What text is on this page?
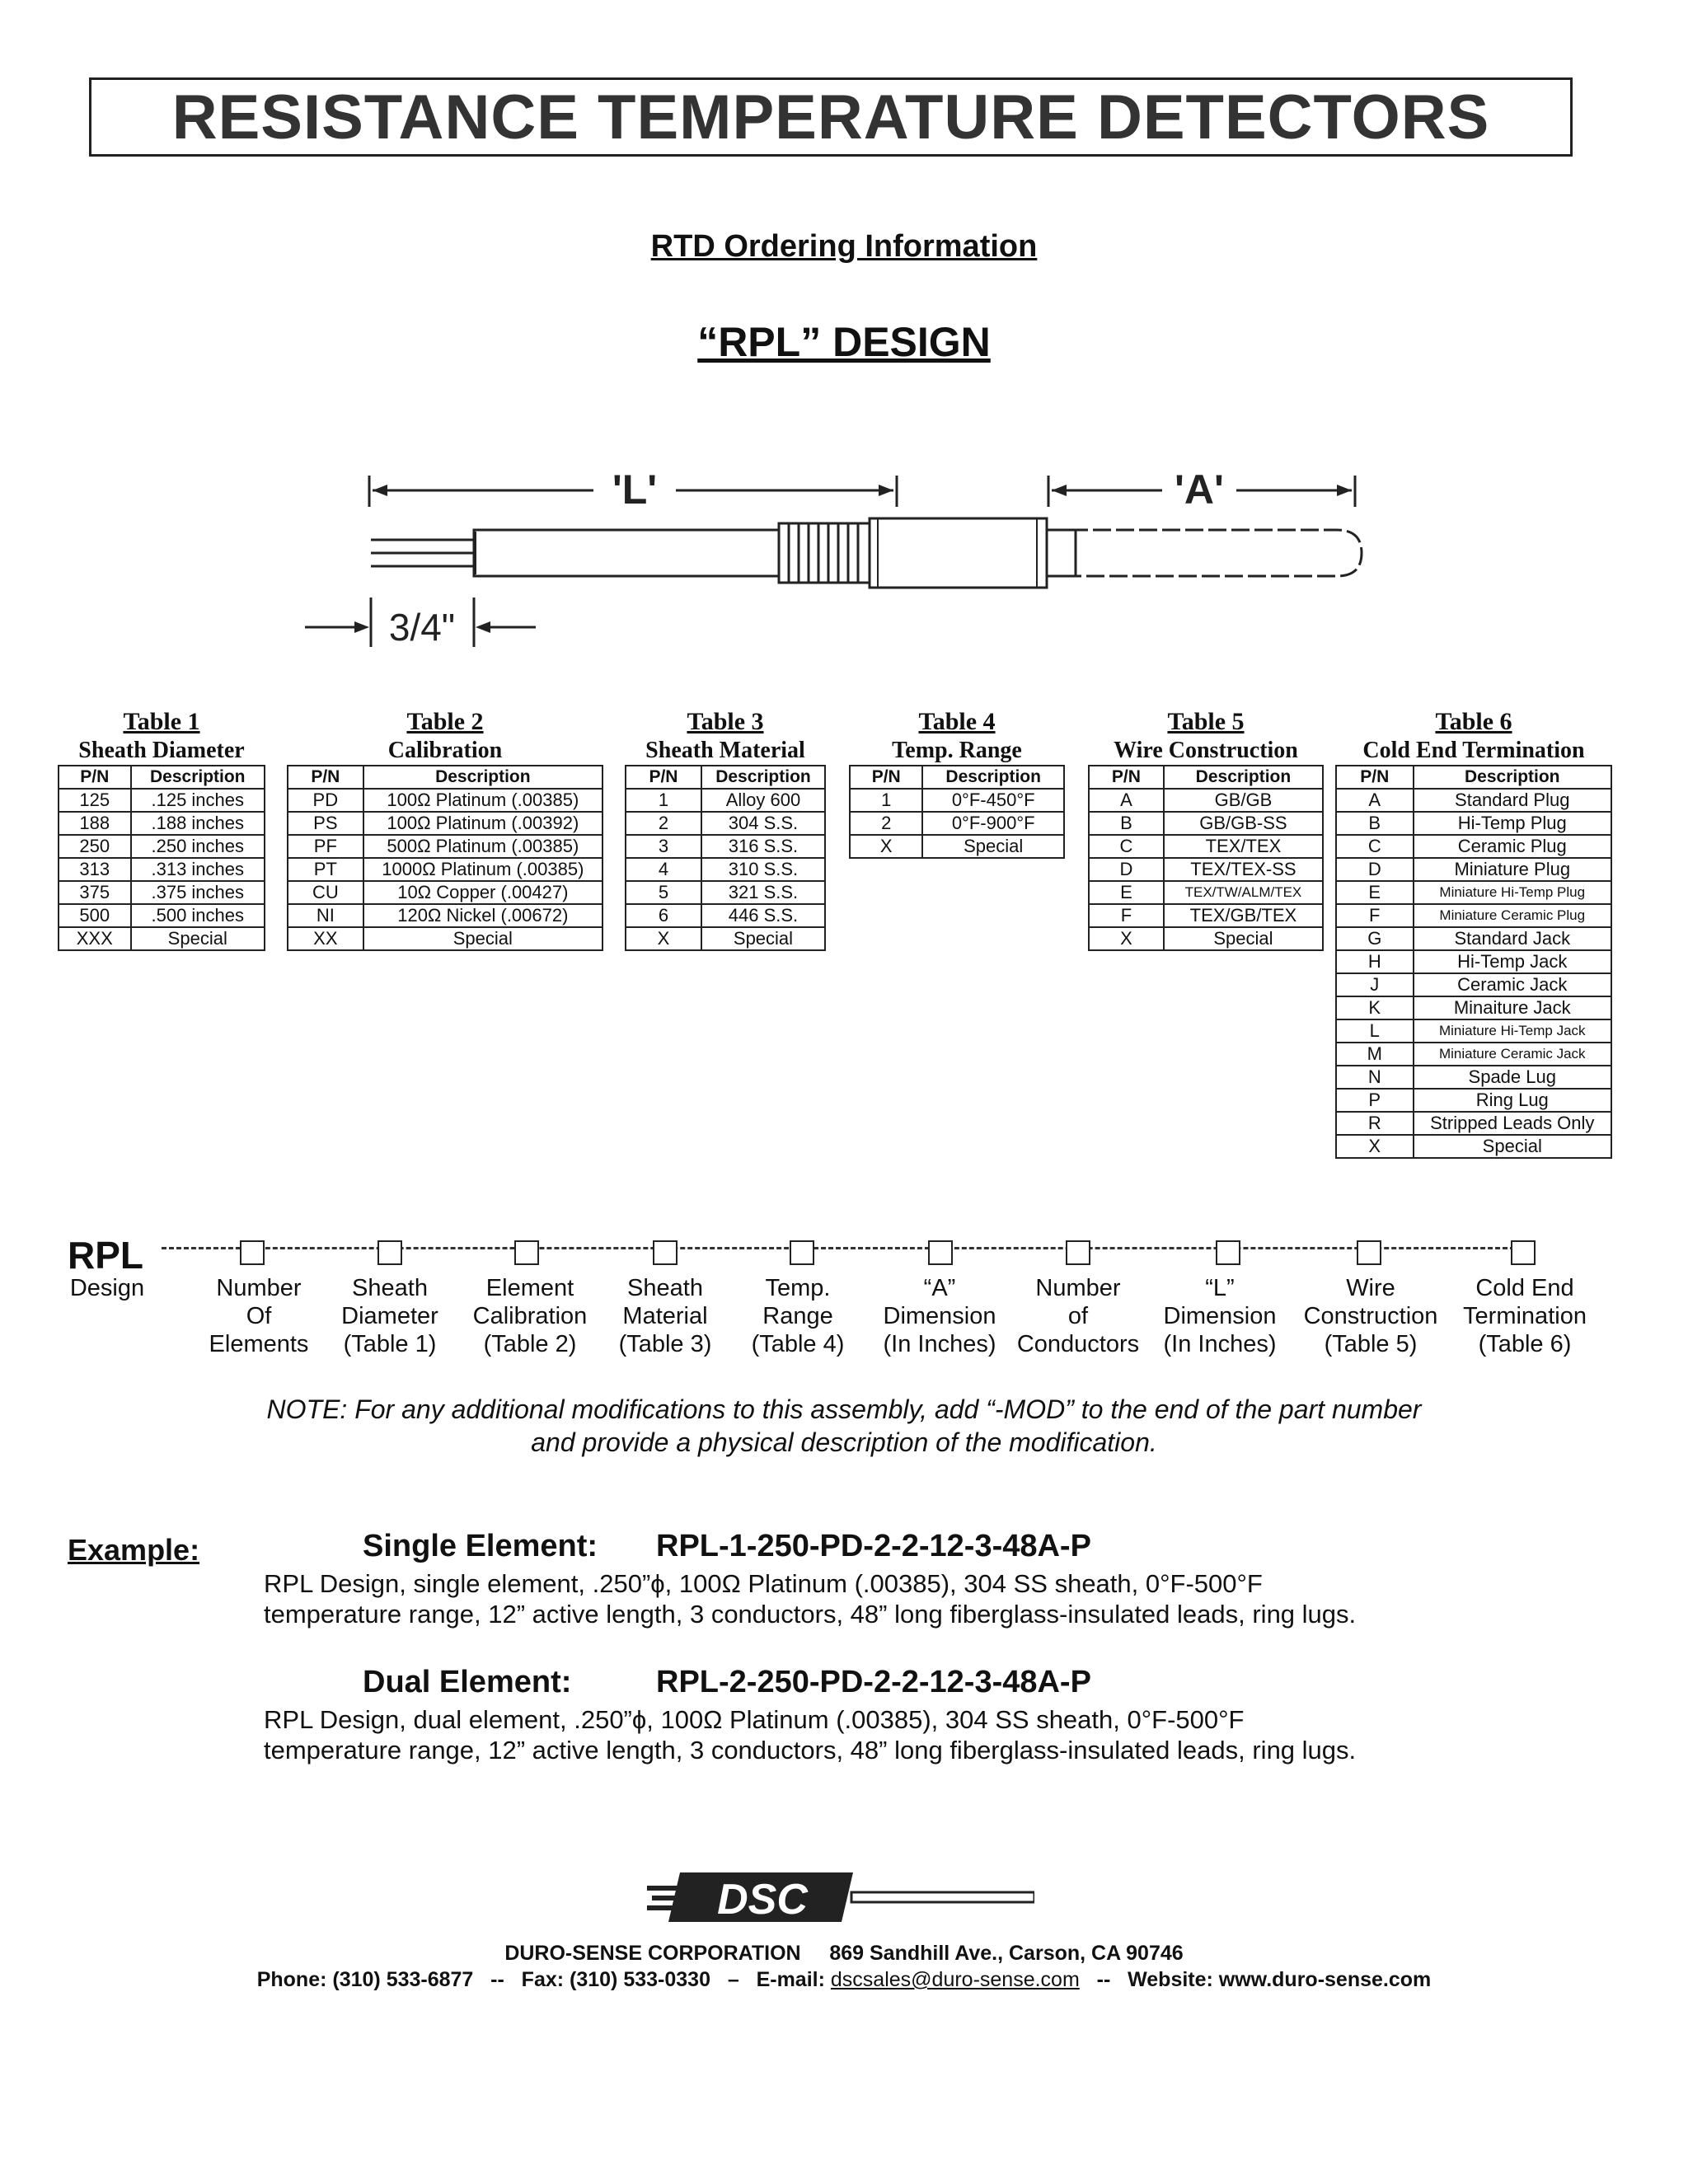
RESISTANCE TEMPERATURE DETECTORS
RTD Ordering Information
“RPL” DESIGN
'L'	'A'
3/4"
Table 1
Sheath Diameter
P/N	Description
125	.125 inches
188	.188 inches
250	.250 inches
313	.313 inches
375	.375 inches
500	.500 inches
XXX	Special
Table 2
Calibration
P/N	Description
PD	100Ω Platinum (.00385)
PS	100Ω Platinum (.00392)
PF	500Ω Platinum (.00385)
PT	1000Ω Platinum (.00385)
CU	10Ω Copper (.00427)
NI	120Ω Nickel (.00672)
XX	Special
Table 3
Sheath Material
P/N	Description
1	Alloy 600
2	304 S.S.
3	316 S.S.
4	310 S.S.
5	321 S.S.
6	446 S.S.
X	Special
Table 4
Temp. Range
P/N	Description
1	0°F-450°F
2	0°F-900°F
X	Special
Table 5
Wire Construction
P/N	Description
A	GB/GB
B	GB/GB-SS
C	TEX/TEX
D	TEX/TEX-SS
E	TEX/TW/ALM/TEX
F	TEX/GB/TEX
X	Special
Table 6
Cold End Termination
P/N	Description
A	Standard Plug
B	Hi-Temp Plug
C	Ceramic Plug
D	Miniature Plug
E	Miniature Hi-Temp Plug
F	Miniature Ceramic Plug
G	Standard Jack
H	Hi-Temp Jack
J	Ceramic Jack
K	Minaiture Jack
L	Miniature Hi-Temp Jack
M	Miniature Ceramic Jack
N	Spade Lug
P	Ring Lug
R	Stripped Leads Only
X	Special
RPL
Design	Number
Of
Elements
Sheath
Diameter
(Table 1)
Element
Calibration
(Table 2)
Sheath
Material
(Table 3)
Temp.
Range
(Table 4)
“A”
Dimension
(In Inches)
Number
of
Conductors
“L”
Dimension
(In Inches)
Wire
Construction
(Table 5)
Cold End
Termination
(Table 6)
NOTE: For any additional modifications to this assembly, add “-MOD” to the end of the part number
and provide a physical description of the modification.
Example:	Single Element: RPL-1-250-PD-2-2-12-3-48A-P
RPL Design, single element, .250”ϕ, 100Ω Platinum (.00385), 304 SS sheath, 0°F-500°F
temperature range, 12” active length, 3 conductors, 48” long fiberglass-insulated leads, ring lugs.
Dual Element:	RPL-2-250-PD-2-2-12-3-48A-P
RPL Design, dual element, .250”ϕ, 100Ω Platinum (.00385), 304 SS sheath, 0°F-500°F
temperature range, 12” active length, 3 conductors, 48” long fiberglass-insulated leads, ring lugs.
DSC
DURO-SENSE CORPORATION 869 Sandhill Ave., Carson, CA 90746
Phone: (310) 533-6877   --   Fax: (310) 533-0330   –   E-mail: dscsales@duro-sense.com   --   Website: www.duro-sense.com
